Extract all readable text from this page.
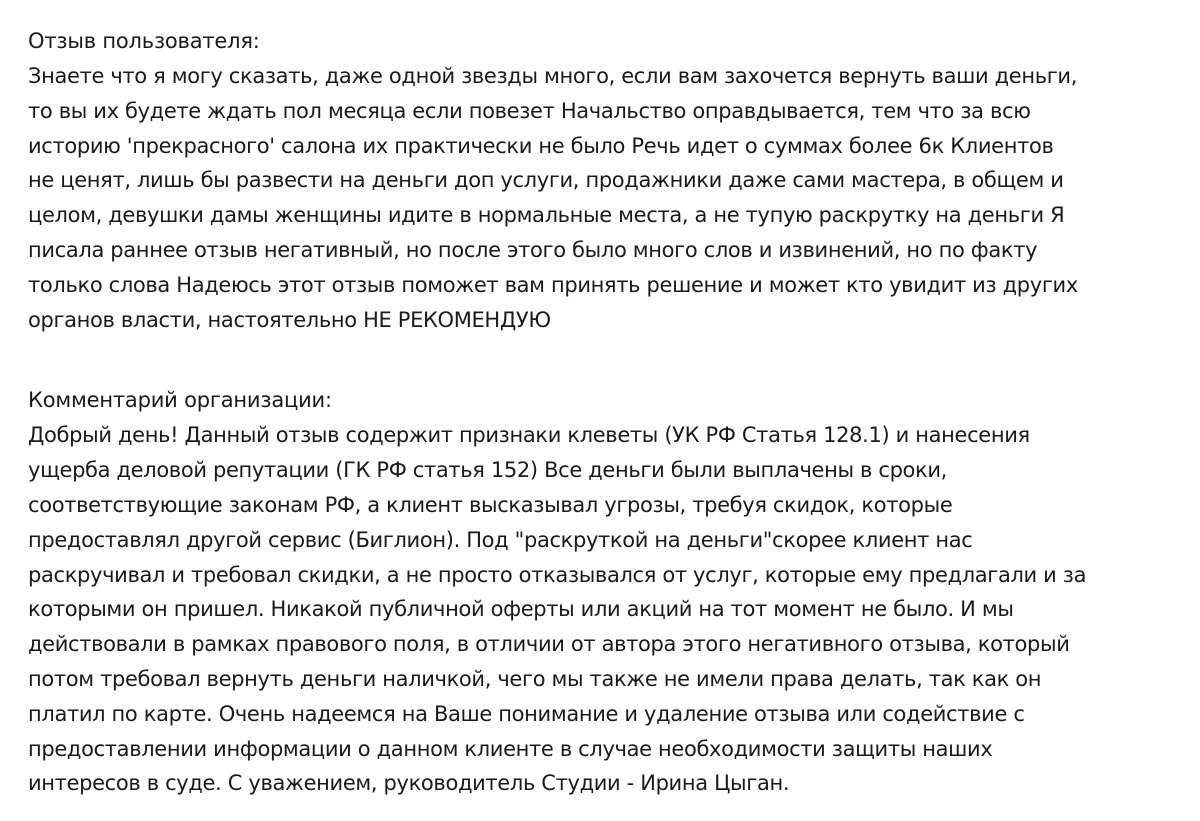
Отзыв пользователя:
Знаете что я могу сказать, даже одной звезды много, если вам захочется вернуть ваши деньги,
то вы их будете ждать пол месяца если повезет Начальство оправдывается, тем что за всю
историю 'прекрасного' салона их практически не было Речь идет о суммах более 6к Клиентов
не ценят, лишь бы развести на деньги доп услуги, продажники даже сами мастера, в общем и
целом, девушки дамы женщины идите в нормальные места, а не тупую раскрутку на деньги Я
писала раннее отзыв негативный, но после этого было много слов и извинений, но по факту
только слова Надеюсь этот отзыв поможет вам принять решение и может кто увидит из других
органов власти, настоятельно НЕ РЕКОМЕНДУЮ
Комментарий организации:
Добрый день! Данный отзыв содержит признаки клеветы (УК РФ Статья 128.1) и нанесения
ущерба деловой репутации (ГК РФ статья 152) Все деньги были выплачены в сроки,
соответствующие законам РФ, а клиент высказывал угрозы, требуя скидок, которые
предоставлял другой сервис (Биглион). Под "раскруткой на деньги"скорее клиент нас
раскручивал и требовал скидки, а не просто отказывался от услуг, которые ему предлагали и за
которыми он пришел. Никакой публичной оферты или акций на тот момент не было. И мы
действовали в рамках правового поля, в отличии от автора этого негативного отзыва, который
потом требовал вернуть деньги наличкой, чего мы также не имели права делать, так как он
платил по карте. Очень надеемся на Ваше понимание и удаление отзыва или содействие с
предоставлении информации о данном клиенте в случае необходимости защиты наших
интересов в суде. С уважением, руководитель Студии - Ирина Цыган.
